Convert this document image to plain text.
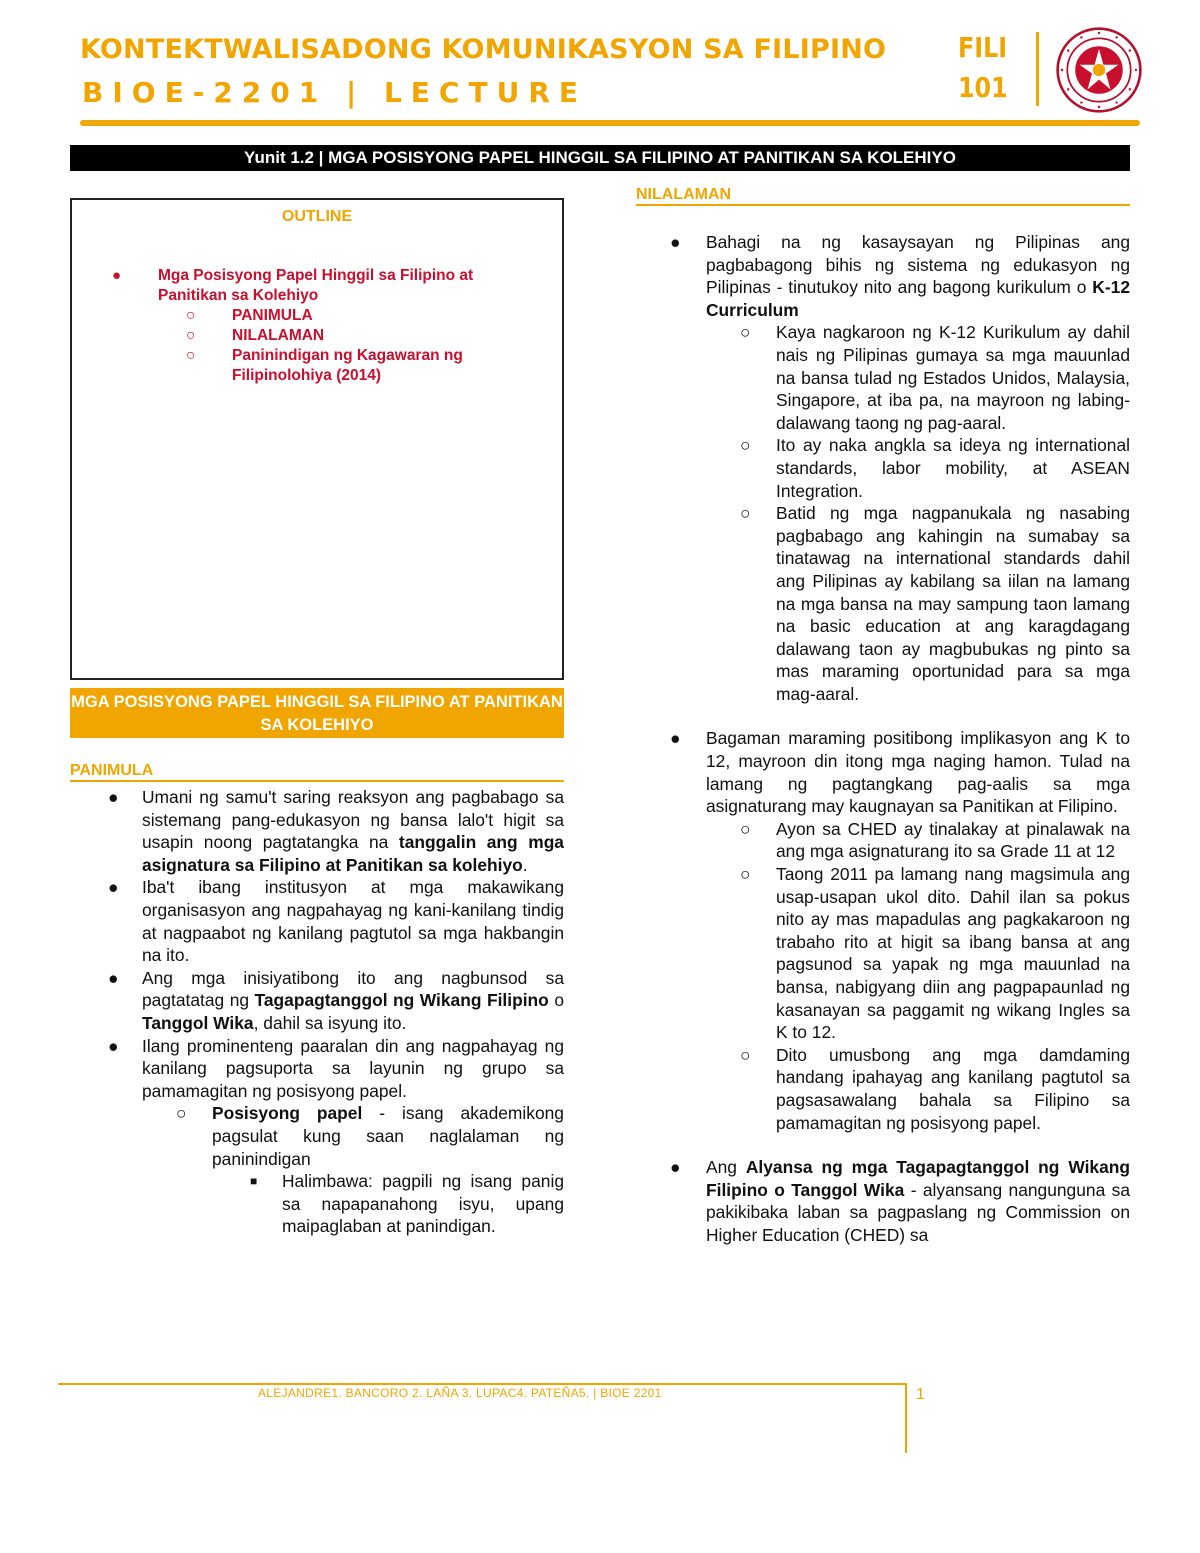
KONTEKTWALISADONG KOMUNIKASYON SA FILIPINO
BIOE-2201 | LECTURE
FILI
101
Yunit 1.2 | MGA POSISYONG PAPEL HINGGIL SA FILIPINO AT PANITIKAN SA KOLEHIYO
OUTLINE
● Mga Posisyong Papel Hinggil sa Filipino at Panitikan sa Kolehiyo
○ PANIMULA
○ NILALAMAN
○ Paninindigan ng Kagawaran ng Filipinolohiya (2014)
MGA POSISYONG PAPEL HINGGIL SA FILIPINO AT PANITIKAN SA KOLEHIYO
PANIMULA
● Umani ng samu't saring reaksyon ang pagbabago sa sistemang pang-edukasyon ng bansa lalo't higit sa usapin noong pagtatangka na tanggalin ang mga asignatura sa Filipino at Panitikan sa kolehiyo.
● Iba't ibang institusyon at mga makawikang organisasyon ang nagpahayag ng kani-kanilang tindig at nagpaabot ng kanilang pagtutol sa mga hakbangin na ito.
● Ang mga inisiyatibong ito ang nagbunsod sa pagtatatag ng Tagapagtanggol ng Wikang Filipino o Tanggol Wika, dahil sa isyung ito.
● Ilang prominenteng paaralan din ang nagpahayag ng kanilang pagsuporta sa layunin ng grupo sa pamamagitan ng posisyong papel.
○ Posisyong papel - isang akademikong pagsulat kung saan naglalaman ng paninindigan
■ Halimbawa: pagpili ng isang panig sa napapanahong isyu, upang maipaglaban at panindigan.
NILALAMAN
● Bahagi na ng kasaysayan ng Pilipinas ang pagbabagong bihis ng sistema ng edukasyon ng Pilipinas - tinutukoy nito ang bagong kurikulum o K-12 Curriculum
○ Kaya nagkaroon ng K-12 Kurikulum ay dahil nais ng Pilipinas gumaya sa mga mauunlad na bansa tulad ng Estados Unidos, Malaysia, Singapore, at iba pa, na mayroon ng labing-dalawang taong ng pag-aaral.
○ Ito ay naka angkla sa ideya ng international standards, labor mobility, at ASEAN Integration.
○ Batid ng mga nagpanukala ng nasabing pagbabago ang kahingin na sumabay sa tinatawag na international standards dahil ang Pilipinas ay kabilang sa iilan na lamang na mga bansa na may sampung taon lamang na basic education at ang karagdagang dalawang taon ay magbubukas ng pinto sa mas maraming oportunidad para sa mga mag-aaral.
● Bagaman maraming positibong implikasyon ang K to 12, mayroon din itong mga naging hamon. Tulad na lamang ng pagtangkang pag-aalis sa mga asignaturang may kaugnayan sa Panitikan at Filipino.
○ Ayon sa CHED ay tinalakay at pinalawak na ang mga asignaturang ito sa Grade 11 at 12
○ Taong 2011 pa lamang nang magsimula ang usap-usapan ukol dito. Dahil ilan sa pokus nito ay mas mapadulas ang pagkakaroon ng trabaho rito at higit sa ibang bansa at ang pagsunod sa yapak ng mga mauunlad na bansa, nabigyang diin ang pagpapaunlad ng kasanayan sa paggamit ng wikang Ingles sa K to 12.
○ Dito umusbong ang mga damdaming handang ipahayag ang kanilang pagtutol sa pagsasawalang bahala sa Filipino sa pamamagitan ng posisyong papel.
● Ang Alyansa ng mga Tagapagtanggol ng Wikang Filipino o Tanggol Wika - alyansang nangunguna sa pakikibaka laban sa pagpaslang ng Commission on Higher Education (CHED) sa
ALEJANDRE1. BANCORO 2. LAÑA 3. LUPAC4. PATEÑA5. | BIOE 2201	1
